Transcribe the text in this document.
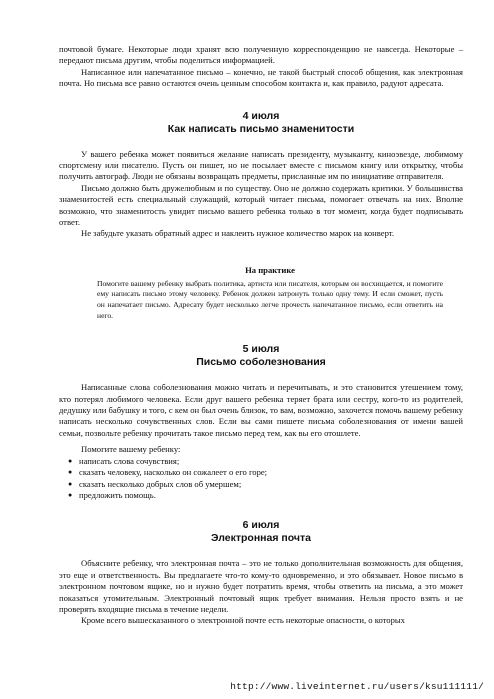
почтовой бумаге. Некоторые люди хранят всю полученную корреспонденцию не навсегда. Некоторые – передают письма другим, чтобы поделиться информацией.

Написанное или напечатанное письмо – конечно, не такой быстрый способ общения, как электронная почта. Но письма все равно остаются очень ценным способом контакта и, как правило, радуют адресата.

4 июля
Как написать письмо знаменитости

У вашего ребенка может появиться желание написать президенту, музыканту, киноэвезде, любимому спортсмену или писателю. Пусть он пишет, но не посылает вместе с письмом книгу или открытку, чтобы получить автограф. Люди не обязаны возвращать предметы, присланные им по инициативе отправителя.

Письмо должно быть дружелюбным и по существу. Оно не должно содержать критики. У большинства знаменитостей есть специальный служащий, который читает письма, помогает отвечать на них. Вполне возможно, что знаменитость увидит письмо вашего ребенка только в тот момент, когда будет подписывать ответ.

Не забудьте указать обратный адрес и наклеить нужное количество марок на конверт.

На практике

Помогите вашему ребенку выбрать политика, артиста или писателя, которым он восхищается, и помогите ему написать письмо этому человеку. Ребенок должен затронуть только одну тему. И если сможет, пусть он напечатает письмо. Адресату будет несколько легче прочесть напечатанное письмо, если ответить на него.

5 июля
Письмо соболезнования

Написанные слова соболезнования можно читать и перечитывать, и это становится утешением тому, кто потерял любимого человека. Если друг вашего ребенка теряет брата или сестру, кого-то из родителей, дедушку или бабушку и того, с кем он был очень близок, то вам, возможно, захочется помочь вашему ребенку написать несколько сочувственных слов. Если вы сами пишете письма соболезнования от имени вашей семьи, позвольте ребенку прочитать такое письмо перед тем, как вы его отошлете.

Помогите вашему ребенку:

● написать слова сочувствия;
● сказать человеку, насколько он сожалеет о его горе;
● сказать несколько добрых слов об умершем;
● предложить помощь.
6 июля
Электронная почта

Объясните ребенку, что электронная почта – это не только дополнительная возможность для общения, это еще и ответственность. Вы предлагаете что-то кому-то одновременно, и это обязывает. Новое письмо в электронном почтовом ящике, но и нужно будет потратить время, чтобы ответить на письма, а это может показаться утомительным. Электронный почтовый ящик требует внимания. Нельзя просто взять и не проверять входящие письма в течение недели.

Кроме всего вышесказанного о электронной почте есть некоторые опасности, о которых

http://www.liveinternet.ru/users/ksu111111/
